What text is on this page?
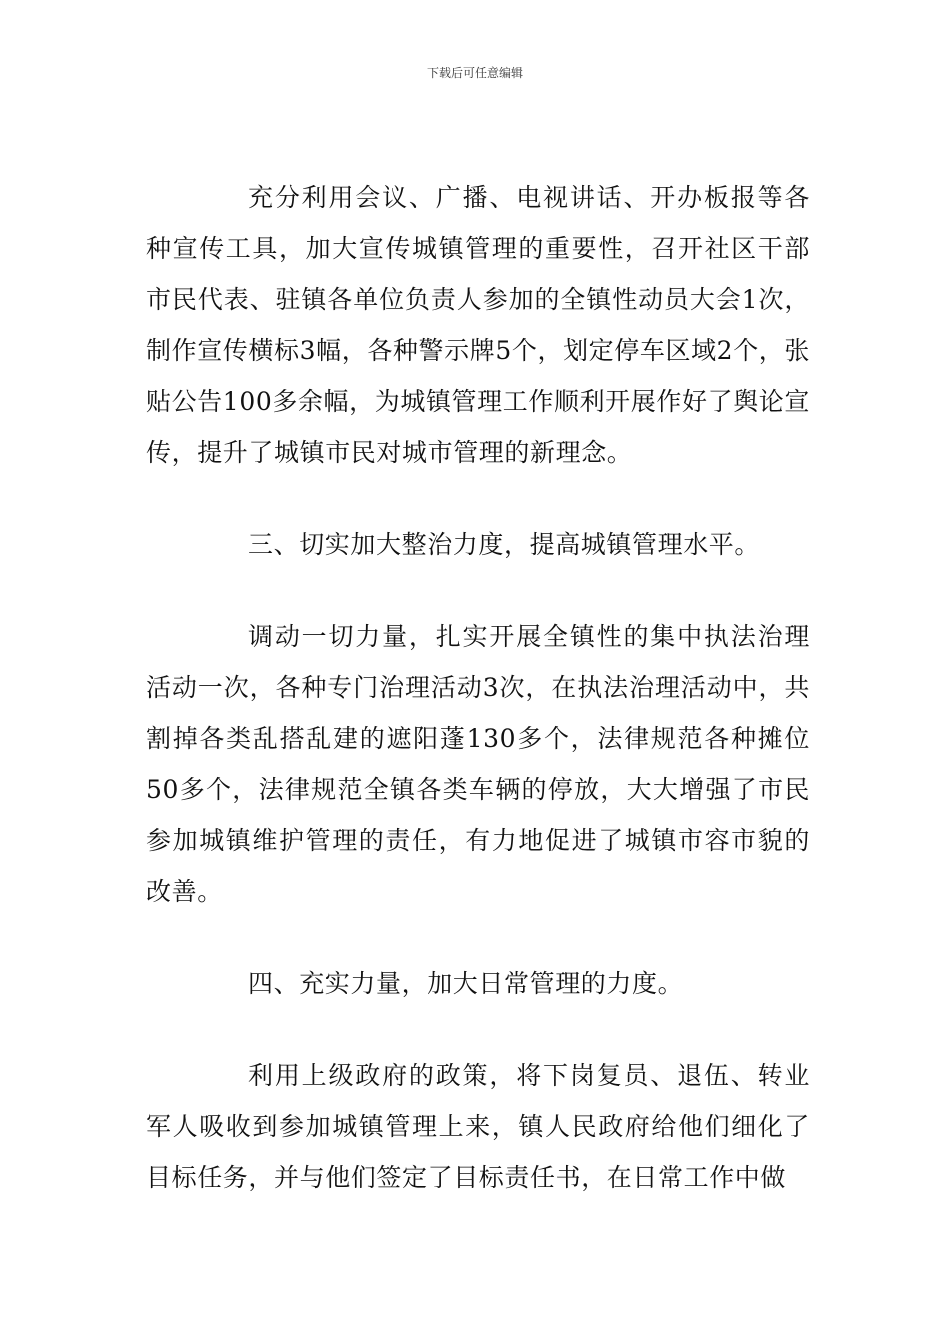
下载后可任意编辑

充分利用会议、广播、电视讲话、开办板报等各种宣传工具，加大宣传城镇管理的重要性，召开社区干部市民代表、驻镇各单位负责人参加的全镇性动员大会1次，制作宣传横标3幅，各种警示牌5个，划定停车区域2个，张贴公告100多余幅，为城镇管理工作顺利开展作好了舆论宣传，提升了城镇市民对城市管理的新理念。

三、切实加大整治力度，提高城镇管理水平。

调动一切力量，扎实开展全镇性的集中执法治理活动一次，各种专门治理活动3次，在执法治理活动中，共割掉各类乱搭乱建的遮阳蓬130多个，法律规范各种摊位50多个，法律规范全镇各类车辆的停放，大大增强了市民参加城镇维护管理的责任，有力地促进了城镇市容市貌的改善。

四、充实力量，加大日常管理的力度。

利用上级政府的政策，将下岗复员、退伍、转业军人吸收到参加城镇管理上来，镇人民政府给他们细化了目标任务，并与他们签定了目标责任书，在日常工作中做
